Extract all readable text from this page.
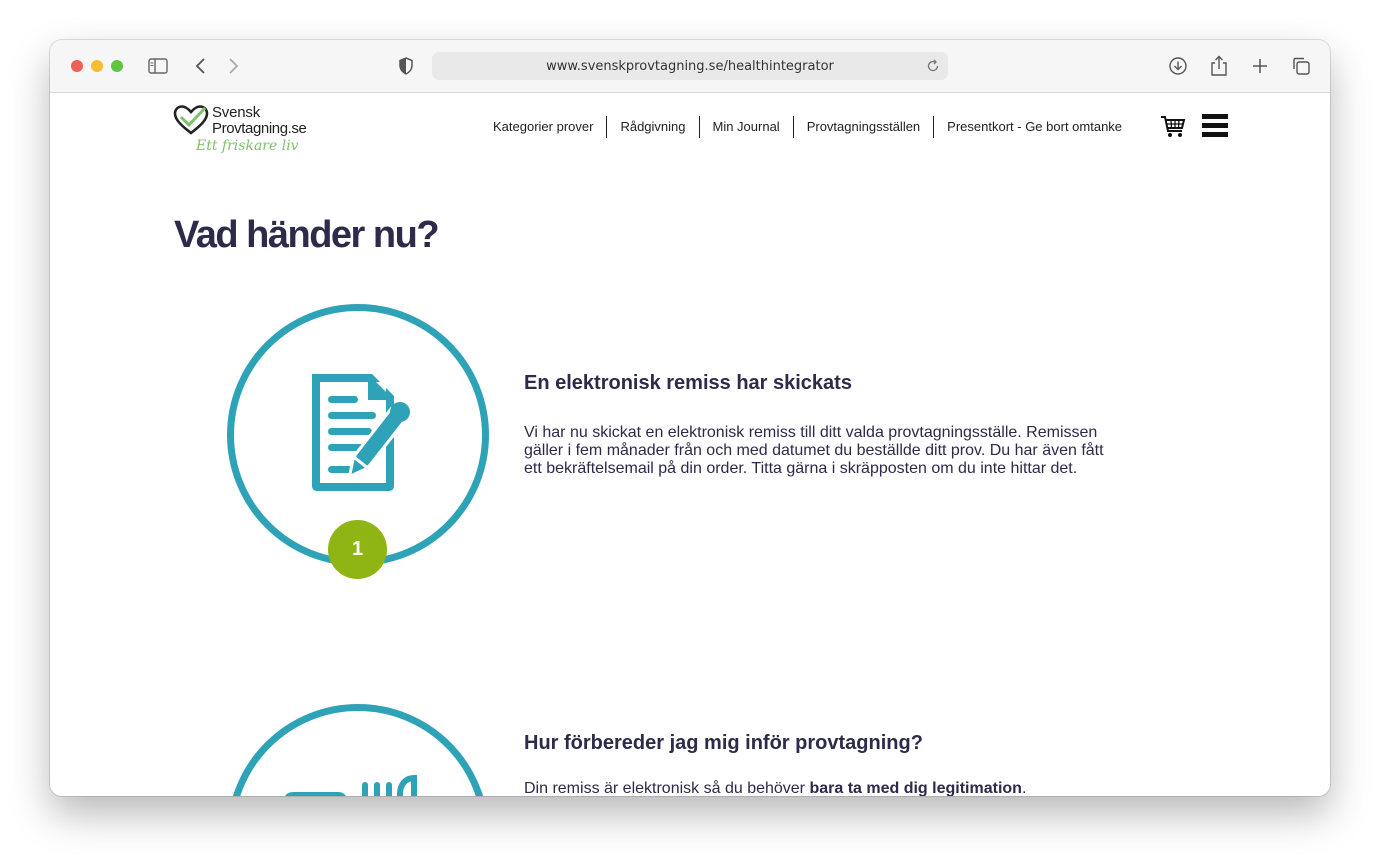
www.svenskprovtagning.se/healthintegrator
Svensk
Provtagning.se
Ett friskare liv
Kategorier prover	Rådgivning	Min Journal	Provtagningsställen	Presentkort - Ge bort omtanke
Vad händer nu?
1
En elektronisk remiss har skickats

Vi har nu skickat en elektronisk remiss till ditt valda provtagningsställe. Remissen gäller i fem månader från och med datumet du beställde ditt prov. Du har även fått ett bekräftelsemail på din order. Titta gärna i skräpposten om du inte hittar det.

Hur förbereder jag mig inför provtagning?

Din remiss är elektronisk så du behöver bara ta med dig legitimation.
